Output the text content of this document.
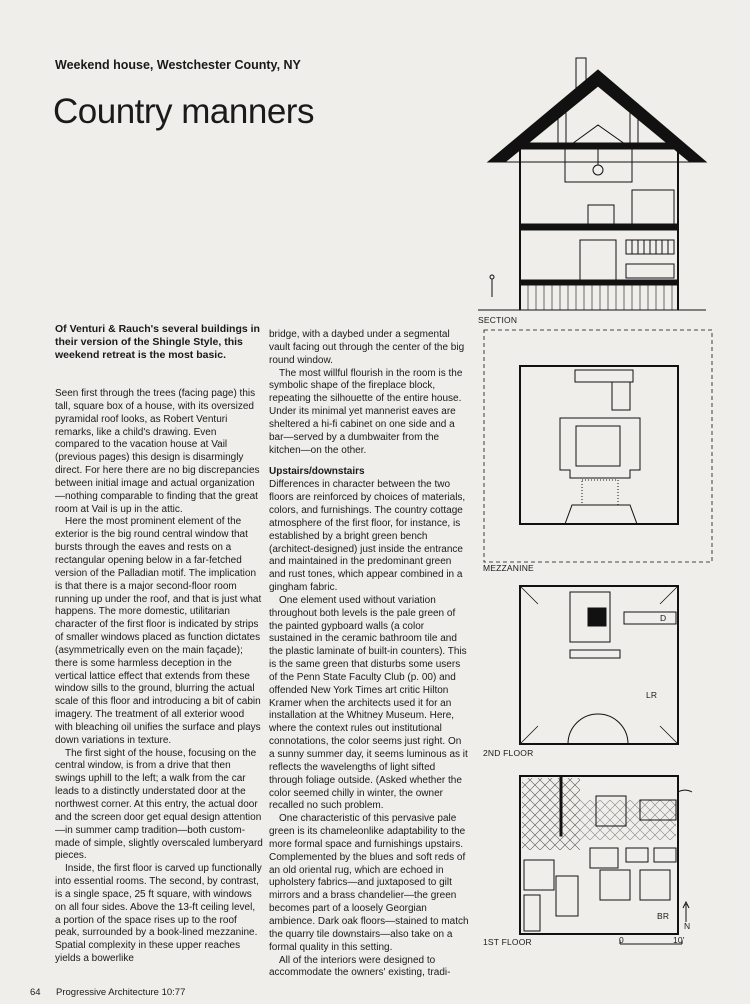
Weekend house, Westchester County, NY
Country manners
Of Venturi & Rauch's several buildings in their version of the Shingle Style, this weekend retreat is the most basic.

Seen first through the trees (facing page) this tall, square box of a house, with its oversized pyramidal roof looks, as Robert Venturi remarks, like a child's drawing. Even compared to the vacation house at Vail (previous pages) this design is disarmingly direct. For here there are no big discrepancies between initial image and actual organization—nothing comparable to finding that the great room at Vail is up in the attic.

Here the most prominent element of the exterior is the big round central window that bursts through the eaves and rests on a rectangular opening below in a far-fetched version of the Palladian motif. The implication is that there is a major second-floor room running up under the roof, and that is just what happens. The more domestic, utilitarian character of the first floor is indicated by strips of smaller windows placed as function dictates (asymmetrically even on the main façade); there is some harmless deception in the vertical lattice effect that extends from these window sills to the ground, blurring the actual scale of this floor and introducing a bit of cabin imagery. The treatment of all exterior wood with bleaching oil unifies the surface and plays down variations in texture.

The first sight of the house, focusing on the central window, is from a drive that then swings uphill to the left; a walk from the car leads to a distinctly understated door at the northwest corner. At this entry, the actual door and the screen door get equal design attention—in summer camp tradition—both custom-made of simple, slightly overscaled lumberyard pieces.

Inside, the first floor is carved up functionally into essential rooms. The second, by contrast, is a single space, 25 ft square, with windows on all four sides. Above the 13-ft ceiling level, a portion of the space rises up to the roof peak, surrounded by a book-lined mezzanine. Spatial complexity in these upper reaches yields a bowerlike

bridge, with a daybed under a segmental vault facing out through the center of the big round window.

The most willful flourish in the room is the symbolic shape of the fireplace block, repeating the silhouette of the entire house. Under its minimal yet mannerist eaves are sheltered a hi-fi cabinet on one side and a bar—served by a dumbwaiter from the kitchen—on the other.

Upstairs/downstairs

Differences in character between the two floors are reinforced by choices of materials, colors, and furnishings. The country cottage atmosphere of the first floor, for instance, is established by a bright green bench (architect-designed) just inside the entrance and maintained in the predominant green and rust tones, which appear combined in a gingham fabric.

One element used without variation throughout both levels is the pale green of the painted gypboard walls (a color sustained in the ceramic bathroom tile and the plastic laminate of built-in counters). This is the same green that disturbs some users of the Penn State Faculty Club (p. 00) and offended New York Times art critic Hilton Kramer when the architects used it for an installation at the Whitney Museum. Here, where the context rules out institutional connotations, the color seems just right. On a sunny summer day, it seems luminous as it reflects the wavelengths of light sifted through foliage outside. (Asked whether the color seemed chilly in winter, the owner recalled no such problem.

One characteristic of this pervasive pale green is its chameleonlike adaptability to the more formal space and furnishings upstairs. Complemented by the blues and soft reds of an old oriental rug, which are echoed in upholstery fabrics—and juxtaposed to gilt mirrors and a brass chandelier—the green becomes part of a loosely Georgian ambience. Dark oak floors—stained to match the quarry tile downstairs—also take on a formal quality in this setting.

All of the interiors were designed to accommodate the owners' existing, tradi-

SECTION
MEZZANINE
D
LR
2ND FLOOR
BR
N
0	10'
1ST FLOOR
64 Progressive Architecture 10:77
